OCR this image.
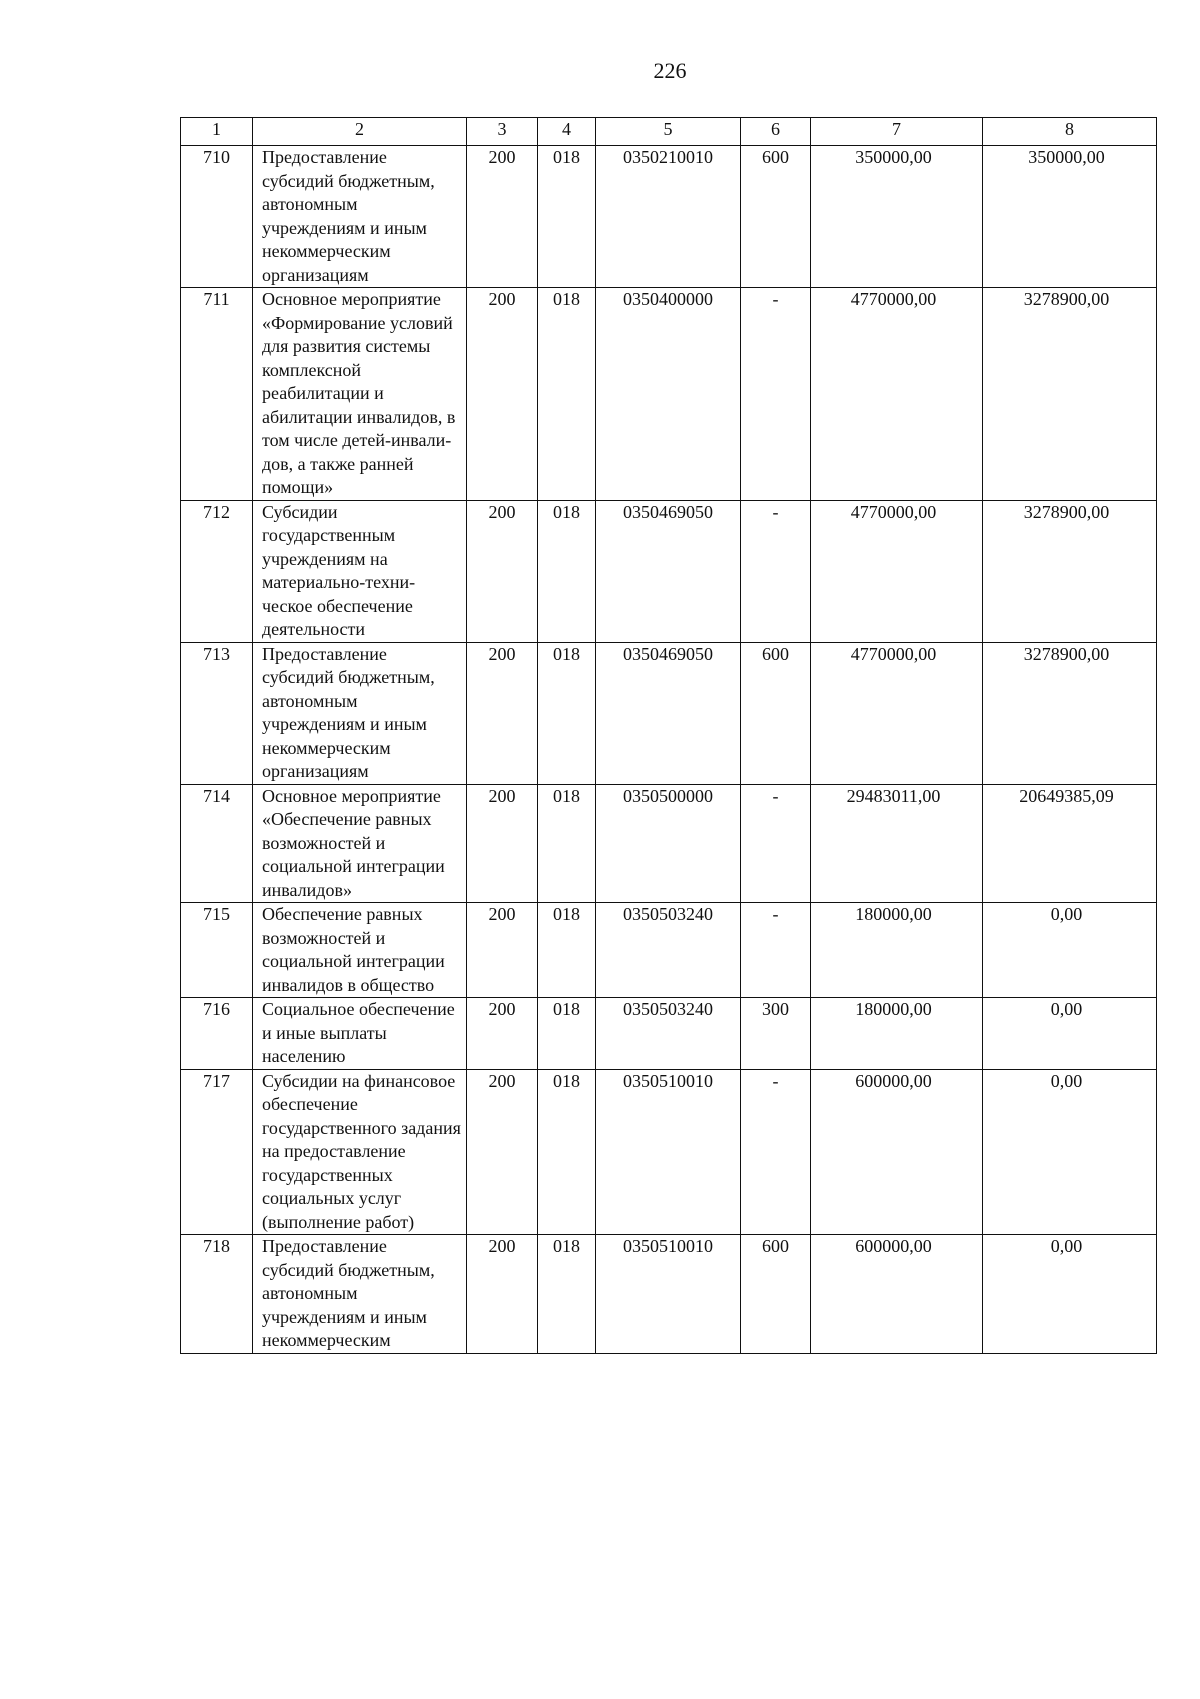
226
1	2	3	4	5	6	7	8
710	Предоставление субсидий бюджетным, автономным учреждениям и иным некоммерческим организациям	200	018	0350210010	600	350000,00	350000,00
711	Основное мероприятие «Формирование условий для развития системы комплексной реабилитации и абилитации инвалидов, в том числе детей-инвали-дов, а также ранней помощи»	200	018	0350400000	-	4770000,00	3278900,00
712	Субсидии государственным учреждениям на материально-техни-ческое обеспечение деятельности	200	018	0350469050	-	4770000,00	3278900,00
713	Предоставление субсидий бюджетным, автономным учреждениям и иным некоммерческим организациям	200	018	0350469050	600	4770000,00	3278900,00
714	Основное мероприятие «Обеспечение равных возможностей и социальной интеграции инвалидов»	200	018	0350500000	-	29483011,00	20649385,09
715	Обеспечение равных возможностей и социальной интеграции инвалидов в общество	200	018	0350503240	-	180000,00	0,00
716	Социальное обеспечение и иные выплаты населению	200	018	0350503240	300	180000,00	0,00
717	Субсидии на финансовое обеспечение государственного задания на предоставление государственных социальных услуг (выполнение работ)	200	018	0350510010	-	600000,00	0,00
718	Предоставление субсидий бюджетным, автономным учреждениям и иным некоммерческим	200	018	0350510010	600	600000,00	0,00
